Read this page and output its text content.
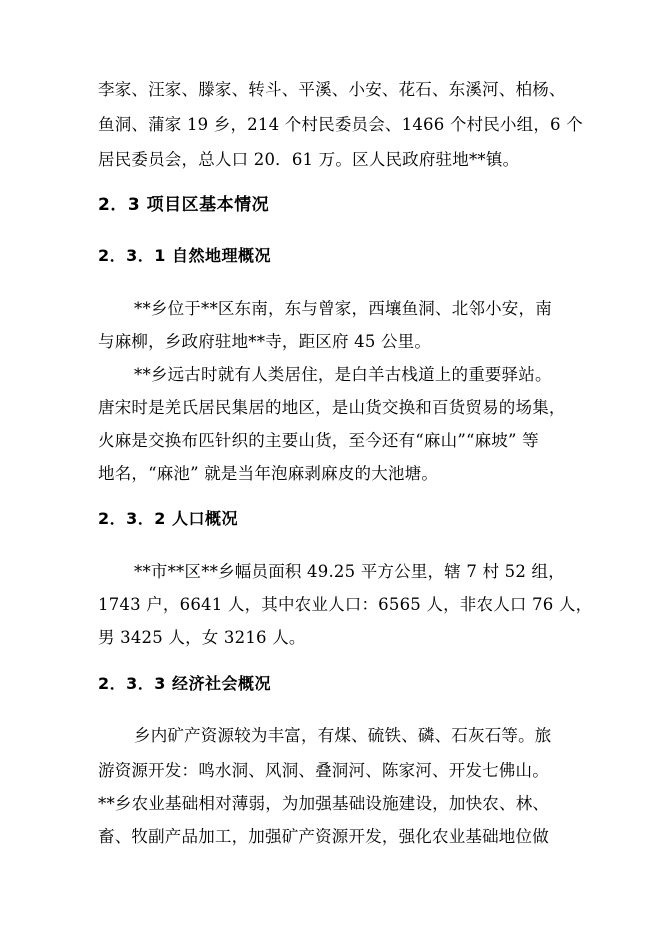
李家、汪家、滕家、转斗、平溪、小安、花石、东溪河、柏杨、
鱼洞、蒲家 19 乡，214 个村民委员会、1466 个村民小组，6 个
居民委员会，总人口 20．61 万。区人民政府驻地**镇。
2．3 项目区基本情况
2．3．1 自然地理概况
**乡位于**区东南，东与曾家，西壤鱼洞、北邻小安，南
与麻柳，乡政府驻地**寺，距区府 45 公里。
**乡远古时就有人类居住，是白羊古栈道上的重要驿站。
唐宋时是羌氏居民集居的地区，是山货交换和百货贸易的场集，
火麻是交换布匹针织的主要山货，至今还有“麻山”“麻坡” 等
地名，“麻池” 就是当年泡麻剥麻皮的大池塘。
2．3．2 人口概况
**市**区**乡幅员面积 49.25 平方公里，辖 7 村 52 组，
1743 户，6641 人，其中农业人口：6565 人，非农人口 76 人，
男 3425 人，女 3216 人。
2．3．3 经济社会概况
乡内矿产资源较为丰富，有煤、硫铁、磷、石灰石等。旅
游资源开发：鸣水洞、风洞、叠洞河、陈家河、开发七佛山。
**乡农业基础相对薄弱，为加强基础设施建设，加快农、林、
畜、牧副产品加工，加强矿产资源开发，强化农业基础地位做
